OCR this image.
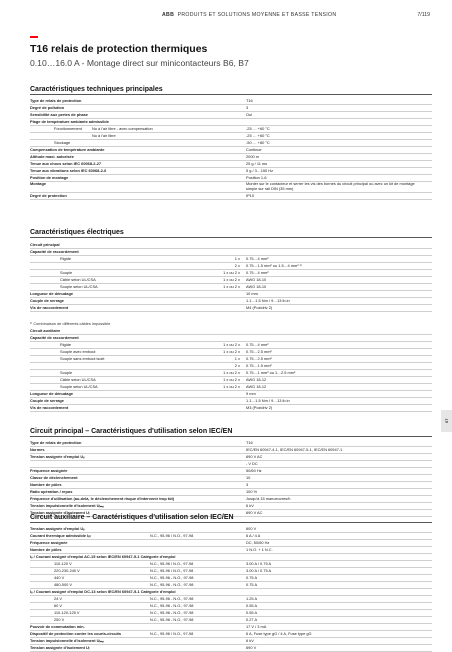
ABB PRODUITS ET SOLUTIONS MOYENNE ET BASSE TENSION	7/119
T16 relais de protection thermiques
0.10…16.0 A - Montage direct sur minicontacteurs B6, B7
Caractéristiques techniques principales
Type de relais de protection	T16
Degré de pollution	3
Sensibilité aux pertes de phase	Oui
Plage de température ambiante admissible
Fonctionnement	Nu à l'air libre - avec compensation	-25 … +60 °C
Nu à l'air libre	-25 … +60 °C
Stockage	-50 … +80 °C
Compensation de température ambiante	Continue
Altitude maxi. autorisée	2000 m
Tenue aux chocs selon IEC 60068-2-27	25 g / 11 ms
Tenue aux vibrations selon IEC 60068-2-6	5 g / 3…150 Hz
Position de montage	Position 1-6
Montage	Monter sur le contacteur et serrer les vis des bornes du circuit principal ou avec un kit de montage simple sur rail DIN (35 mm)
Degré de protection	IP10
Caractéristiques électriques
Circuit principal
Capacité de raccordement
Rigide	1 x 0.75…4 mm²
2 x 0.75…1.5 mm² ou 1.5…4 mm² ¹⁾
Souple	1 x ou 2 x 0.75…4 mm²
Câble selon UL/CSA	1 x ou 2 x AWG 18-10
Souple selon UL/CSA	1 x ou 2 x AWG 18-10
Longueur de dénudage	10 mm
Couple de serrage	1.1…1.5 Nm / 9…13 lb.in
Vis de raccordement	M4 (Pozidriv 2)
¹⁾ Combinaison de différents câbles impossible
Circuit auxiliaire
Capacité de raccordement
Rigide	1 x ou 2 x 0.75…4 mm²
Souple avec embout	1 x ou 2 x 0.75…2.5 mm²
Souple sans embout isolé	1 x 0.75…2.5 mm²
2 x 0.75…1.5 mm²
Souple	1 x ou 2 x 0.75…1 mm² ou 1…2.5 mm²
Câble selon UL/CSA	1 x ou 2 x AWG 18-12
Souple selon UL/CSA	1 x ou 2 x AWG 18-12
Longueur de dénudage	9 mm
Couple de serrage	1.1…1.5 Nm / 9…13 lb.in
Vis de raccordement	M3 (Pozidriv 2)
Circuit principal – Caractéristiques d'utilisation selon IEC/EN
Type de relais de protection	T16
Normes	IEC/EN 60947-4-1, IEC/EN 60947-5-1, IEC/EN 60947-1
Tension assignée d'emploi Uₑ	690 V AC
- V DC
Fréquence assignée	50/60 Hz
Classe de déclenchement	10
Nombre de pôles	3
Ratio opération / repos	100 %
Fréquence d'utilisation (au-delà, le déclenchement risque d'intervenir trop tôt)	Jusqu'à 15 manoeuvres/h
Tension impulsionnelle d'isolement Uᵢₘₚ	6 kV
Tension assignée d'isolement Uᵢ	690 V AC
Circuit auxiliaire – Caractéristiques d'utilisation selon IEC/EN
Tension assignée d'emploi Uₑ	600 V
Courant thermique admissible Iₜₕ	N.C., 95-96 / N.O., 97-98	6 A / 4 A
Fréquence assignée	DC, 50/60 Hz
Nombre de pôles	1 N.O. + 1 N.C.
Iₑ / Courant assigné d'emploi AC-15 selon IEC/EN 60947-5-1 Catégorie d'emploi
110-120 V	N.C., 95-96 / N.O., 97-98	3.00 A / 0.75 A
220-230-240 V	N.C., 95-96 / N.O., 97-98	3.00 A / 0.75 A
440 V	N.C., 95-96 - N.O., 97-98	0.75 A
480-500 V	N.C., 95-96 - N.O., 97-98	0.75 A
Iₑ / Courant assigné d'emploi DC-13 selon IEC/EN 60947-5-1 Catégorie d'emploi
24 V	N.C., 95-96 - N.O., 97-98	1.25 A
60 V	N.C., 95-96 - N.O., 97-98	0.55 A
110-120-125 V	N.C., 95-96 - N.O., 97-98	0.55 A
250 V	N.C., 95-96 - N.O., 97-98	0.27 A
Pouvoir de commutation min.	17 V / 3 mA
Dispositif de protection contre les courts-circuits	N.C., 95-96 / N.O., 97-98	6 A, Fuse type gG / 4 A, Fuse type gG
Tension impulsionnelle d'isolement Uᵢₘₚ	6 kV
Tension assignée d'isolement Uᵢ	690 V
07
